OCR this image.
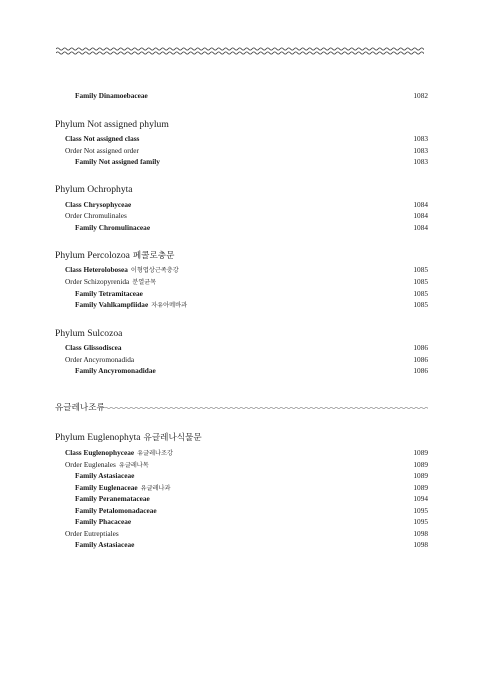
Family Dinamoebaceae	1082
Phylum Not assigned phylum
Class Not assigned class	1083
Order Not assigned order	1083
Family Not assigned family	1083
Phylum Ochrophyta
Class Chrysophyceae	1084
Order Chromulinales	1084
Family Chromulinaceae	1084
Phylum Percolozoa 페콜로충문
Class Heterolobosea 이형엽상근족충강	1085
Order Schizopyrenida 분열균목	1085
Family Tetramitaceae	1085
Family Vahlkampfiidae 자유아메바과	1085
Phylum Sulcozoa
Class Glissodiscea	1086
Order Ancyromonadida	1086
Family Ancyromonadidae	1086
유글레나조류
Phylum Euglenophyta 유글레나식물문
Class Euglenophyceae 유글레나조강	1089
Order Euglenales 유글레나목	1089
Family Astasiaceae	1089
Family Euglenaceae 유글레나과	1089
Family Peranemataceae	1094
Family Petalomonadaceae	1095
Family Phacaceae	1095
Order Eutreptiales	1098
Family Astasiaceae	1098
